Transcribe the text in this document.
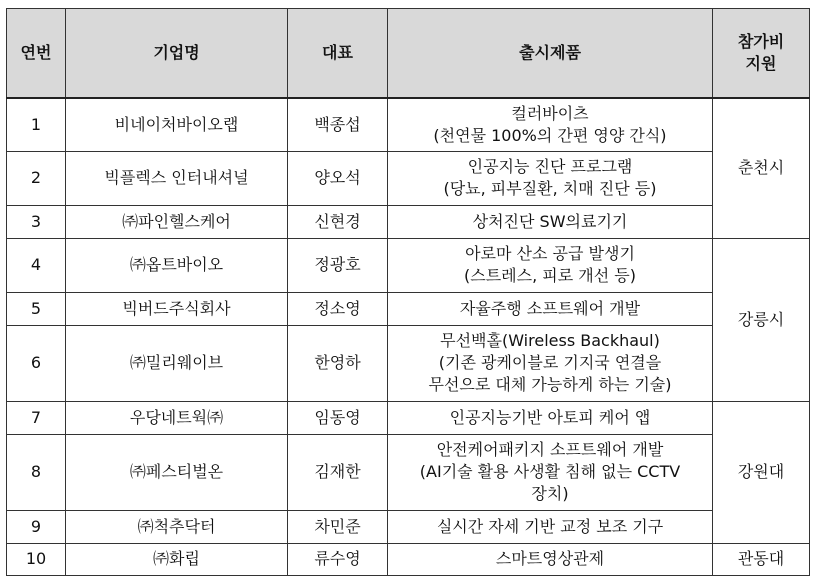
연번	기업명	대표	출시제품	참가비
지원

1	비네이처바이오랩	백종섭	컬러바이츠
(천연물 100%의 간편 영양 간식)	춘천시
2	빅플렉스 인터내셔널	양오석	인공지능 진단 프로그램
(당뇨, 피부질환, 치매 진단 등)	

3	㈜파인헬스케어	신현경	상처진단 SW의료기기	

4	㈜옵트바이오	정광호	아로마 산소 공급 발생기
(스트레스, 피로 개선 등)	강릉시
5	빅버드주식회사	정소영	자율주행 소프트웨어 개발	

6	㈜밀리웨이브	한영하	무선백홀(Wireless Backhaul)
(기존 광케이블로 기지국 연결을
무선으로 대체 가능하게 하는 기술)	

7	우당네트웍㈜	임동영	인공지능기반 아토피 케어 앱	강원대
8	㈜페스티벌온	김재한	안전케어패키지 소프트웨어 개발
(AI기술 활용 사생활 침해 없는 CCTV
장치)	

9	㈜척추닥터	차민준	실시간 자세 기반 교정 보조 기구	

10	㈜화립	류수영	스마트영상관제	관동대
